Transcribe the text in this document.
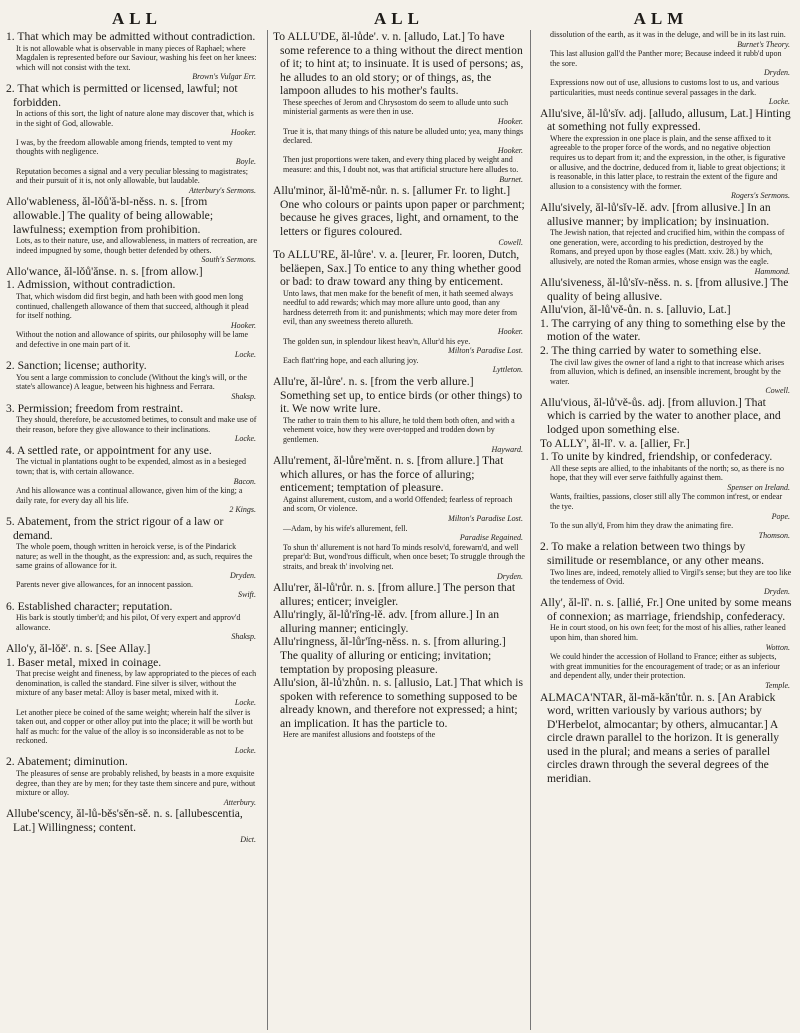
ALL	ALL	ALM

1. That which may be admitted without contradiction.

It is not allowable what is observable in many pieces of Raphael; where Magdalen is represented before our Saviour, washing his feet on her knees: which will not consist with the text.

Brown's Vulgar Err.

2. That which is permitted or licensed, lawful; not forbidden.

In actions of this sort, the light of nature alone may discover that, which is in the sight of God, allowable.

Hooker.

I was, by the freedom allowable among friends, tempted to vent my thoughts with negligence.

Boyle.

Reputation becomes a signal and a very peculiar blessing to magistrates; and their pursuit of it is, not only allowable, but laudable.

Atterbury's Sermons.

Allo'wableness, ăl-lǒů'ă-bl-něss. n. s. [from allowable.] The quality of being allowable; lawfulness; exemption from prohibition.

Lots, as to their nature, use, and allowableness, in matters of recreation, are indeed impugned by some, though better defended by others.

South's Sermons.

Allo'wance, ăl-lǒů'ănse. n. s. [from allow.]

1. Admission, without contradiction.

That, which wisdom did first begin, and hath been with good men long continued, challengeth allowance of them that succeed, although it plead for itself nothing.

Hooker.

Without the notion and allowance of spirits, our philosophy will be lame and defective in one main part of it.

Locke.

2. Sanction; license; authority.

You sent a large commission to conclude (Without the king's will, or the state's allowance) A league, between his highness and Ferrara.

Shaksp.

3. Permission; freedom from restraint.

They should, therefore, be accustomed betimes, to consult and make use of their reason, before they give allowance to their inclinations.

Locke.

4. A settled rate, or appointment for any use.

The victual in plantations ought to be expended, almost as in a besieged town; that is, with certain allowance.

Bacon.

And his allowance was a continual allowance, given him of the king; a daily rate, for every day all his life.

2 Kings.

5. Abatement, from the strict rigour of a law or demand.

The whole poem, though written in heroick verse, is of the Pindarick nature; as well in the thought, as the expression: and, as such, requires the same grains of allowance for it.

Dryden.

Parents never give allowances, for an innocent passion.

Swift.

6. Established character; reputation.

His bark is stoutly timber'd; and his pilot, Of very expert and approv'd allowance.

Shaksp.

Allo'y, ăl-lǒě'. n. s. [See Allay.]

1. Baser metal, mixed in coinage.

That precise weight and fineness, by law appropriated to the pieces of each denomination, is called the standard. Fine silver is silver, without the mixture of any baser metal: Alloy is baser metal, mixed with it.

Locke.

Let another piece be coined of the same weight; wherein half the silver is taken out, and copper or other alloy put into the place; it will be worth but half as much: for the value of the alloy is so inconsiderable as not to be reckoned.

Locke.

2. Abatement; diminution.

The pleasures of sense are probably relished, by beasts in a more exquisite degree, than they are by men; for they taste them sincere and pure, without mixture or alloy.

Atterbury.

Allube'scency, ăl-lů-běs'sěn-sě. n. s. [allubescentia, Lat.] Willingness; content.

Dict.

To ALLU'DE, ăl-lůde'. v. n. [alludo, Lat.] To have some reference to a thing without the direct mention of it; to hint at; to insinuate. It is used of persons; as, he alludes to an old story; or of things, as, the lampoon alludes to his mother's faults.

These speeches of Jerom and Chrysostom do seem to allude unto such ministerial garments as were then in use.

Hooker.

True it is, that many things of this nature be alluded unto; yea, many things declared.

Hooker.

Then just proportions were taken, and every thing placed by weight and measure: and this, I doubt not, was that artificial structure here alludes to.

Burnet.

Allu'minor, ăl-lů'mě-nůr. n. s. [allumer Fr. to light.] One who colours or paints upon paper or parchment; because he gives graces, light, and ornament, to the letters or figures coloured.

Cowell.

To ALLU'RE, ăl-lůre'. v. a. [leurer, Fr. looren, Dutch, beläepen, Sax.] To entice to any thing whether good or bad: to draw toward any thing by enticement.

Unto laws, that men make for the benefit of men, it hath seemed always needful to add rewards; which may more allure unto good, than any hardness deterreth from it: and punishments; which may more deter from evil, than any sweetness thereto allureth.

Hooker.

The golden sun, in splendour likest heav'n, Allur'd his eye.

Milton's Paradise Lost.

Each flatt'ring hope, and each alluring joy.

Lyttleton.

Allu're, ăl-lůre'. n. s. [from the verb allure.] Something set up, to entice birds (or other things) to it. We now write lure.

The rather to train them to his allure, he told them both often, and with a vehement voice, how they were over-topped and trodden down by gentlemen.

Hayward.

Allu'rement, ăl-lůre'měnt. n. s. [from allure.] That which allures, or has the force of alluring; enticement; temptation of pleasure.

Against allurement, custom, and a world Offended; fearless of reproach and scorn, Or violence.

Milton's Paradise Lost.

—Adam, by his wife's allurement, fell.

Paradise Regained.

To shun th' allurement is not hard To minds resolv'd, forewarn'd, and well prepar'd: But, wond'rous difficult, when once beset; To struggle through the straits, and break th' involving net.

Dryden.

Allu'rer, ăl-lů'růr. n. s. [from allure.] The person that allures; enticer; inveigler.

Allu'ringly, ăl-lů'rǐng-lě. adv. [from allure.] In an alluring manner; enticingly.

Allu'ringness, ăl-lůr'ǐng-něss. n. s. [from alluring.] The quality of alluring or enticing; invitation; temptation by proposing pleasure.

Allu'sion, ăl-lů'zhůn. n. s. [allusio, Lat.] That which is spoken with reference to something supposed to be already known, and therefore not expressed; a hint; an implication. It has the particle to.

Here are manifest allusions and footsteps of the

dissolution of the earth, as it was in the deluge, and will be in its last ruin.

Burnet's Theory.

This last allusion gall'd the Panther more; Because indeed it rubb'd upon the sore.

Dryden.

Expressions now out of use, allusions to customs lost to us, and various particularities, must needs continue several passages in the dark.

Locke.

Allu'sive, ăl-lů'sǐv. adj. [alludo, allusum, Lat.] Hinting at something not fully expressed.

Where the expression in one place is plain, and the sense affixed to it agreeable to the proper force of the words, and no negative objection requires us to depart from it; and the expression, in the other, is figurative or allusive, and the doctrine, deduced from it, liable to great objections; it is reasonable, in this latter place, to restrain the extent of the figure and allusion to a consistency with the former.

Rogers's Sermons.

Allu'sively, ăl-lů'sǐv-lě. adv. [from allusive.] In an allusive manner; by implication; by insinuation.

The Jewish nation, that rejected and crucified him, within the compass of one generation, were, according to his prediction, destroyed by the Romans, and preyed upon by those eagles (Matt. xxiv. 28.) by which, allusively, are noted the Roman armies, whose ensign was the eagle.

Hammond.

Allu'siveness, ăl-lů'sǐv-něss. n. s. [from allusive.] The quality of being allusive.

Allu'vion, ăl-lů'vě-ůn. n. s. [alluvio, Lat.]

1. The carrying of any thing to something else by the motion of the water.

2. The thing carried by water to something else.

The civil law gives the owner of land a right to that increase which arises from alluvion, which is defined, an insensible increment, brought by the water.

Cowell.

Allu'vious, ăl-lů'vě-ůs. adj. [from alluvion.] That which is carried by the water to another place, and lodged upon something else.

To ALLY', ăl-lǐ'. v. a. [allier, Fr.]

1. To unite by kindred, friendship, or confederacy.

All these septs are allied, to the inhabitants of the north; so, as there is no hope, that they will ever serve faithfully against them.

Spenser on Ireland.

Wants, frailties, passions, closer still ally The common int'rest, or endear the tye.

Pope.

To the sun ally'd, From him they draw the animating fire.

Thomson.

2. To make a relation between two things by similitude or resemblance, or any other means.

Two lines are, indeed, remotely allied to Virgil's sense; but they are too like the tenderness of Ovid.

Dryden.

Ally', ăl-lǐ'. n. s. [allié, Fr.] One united by some means of connexion; as marriage, friendship, confederacy.

He in court stood, on his own feet; for the most of his allies, rather leaned upon him, than shored him.

Wotton.

We could hinder the accession of Holland to France; either as subjects, with great immunities for the encouragement of trade; or as an inferiour and dependent ally, under their protection.

Temple.

ALMACA'NTAR, ăl-mă-kăn'tůr. n. s. [An Arabick word, written variously by various authors; by D'Herbelot, almocantar; by others, almucantar.] A circle drawn parallel to the horizon. It is generally used in the plural; and means a series of parallel circles drawn through the several degrees of the meridian.
